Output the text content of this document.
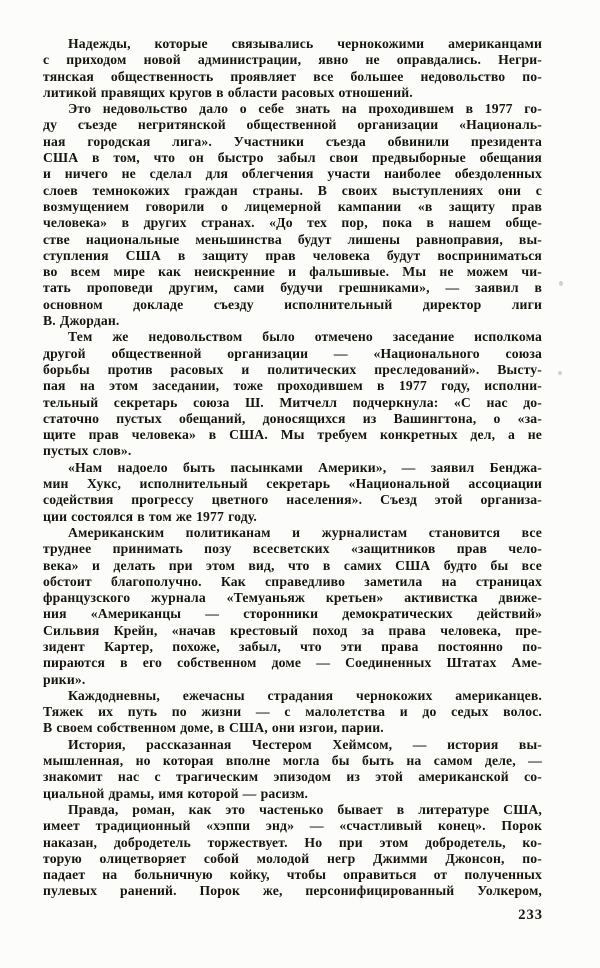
Надежды, которые связывались чернокожими американцами
с приходом новой администрации, явно не оправдались. Негри-
тянская общественность проявляет все большее недовольство по-
литикой правящих кругов в области расовых отношений.

Это недовольство дало о себе знать на проходившем в 1977 го-
ду съезде негритянской общественной организации «Националь-
ная городская лига». Участники съезда обвинили президента
США в том, что он быстро забыл свои предвыборные обещания
и ничего не сделал для облегчения участи наиболее обездоленных
слоев темнокожих граждан страны. В своих выступлениях они с
возмущением говорили о лицемерной кампании «в защиту прав
человека» в других странах. «До тех пор, пока в нашем обще-
стве национальные меньшинства будут лишены равноправия, вы-
ступления США в защиту прав человека будут восприниматься
во всем мире как неискренние и фальшивые. Мы не можем чи-
тать проповеди другим, сами будучи грешниками», — заявил в
основном докладе съезду исполнительный директор лиги
В. Джордан.

Тем же недовольством было отмечено заседание исполкома
другой общественной организации — «Национального союза
борьбы против расовых и политических преследований». Высту-
пая на этом заседании, тоже проходившем в 1977 году, исполни-
тельный секретарь союза Ш. Митчелл подчеркнула: «С нас до-
статочно пустых обещаний, доносящихся из Вашингтона, о «за-
щите прав человека» в США. Мы требуем конкретных дел, а не
пустых слов».

«Нам надоело быть пасынками Америки», — заявил Бенджа-
мин Хукс, исполнительный секретарь «Национальной ассоциации
содействия прогрессу цветного населения». Съезд этой организа-
ции состоялся в том же 1977 году.

Американским политиканам и журналистам становится все
труднее принимать позу всесветских «защитников прав чело-
века» и делать при этом вид, что в самих США будто бы все
обстоит благополучно. Как справедливо заметила на страницах
французского журнала «Темуаньяж кретьен» активистка движе-
ния «Американцы — сторонники демократических действий»
Сильвия Крейн, «начав крестовый поход за права человека, пре-
зидент Картер, похоже, забыл, что эти права постоянно по-
пираются в его собственном доме — Соединенных Штатах Аме-
рики».

Каждодневны, ежечасны страдания чернокожих американцев.
Тяжек их путь по жизни — с малолетства и до седых волос.
В своем собственном доме, в США, они изгои, парии.

История, рассказанная Честером Хеймсом, — история вы-
мышленная, но которая вполне могла бы быть на самом деле, —
знакомит нас с трагическим эпизодом из этой американской со-
циальной драмы, имя которой — расизм.

Правда, роман, как это частенько бывает в литературе США,
имеет традиционный «хэппи энд» — «счастливый конец». Порок
наказан, добродетель торжествует. Но при этом добродетель, ко-
торую олицетворяет собой молодой негр Джимми Джонсон, по-
падает на больничную койку, чтобы оправиться от полученных
пулевых ранений. Порок же, персонифицированный Уолкером,

233
